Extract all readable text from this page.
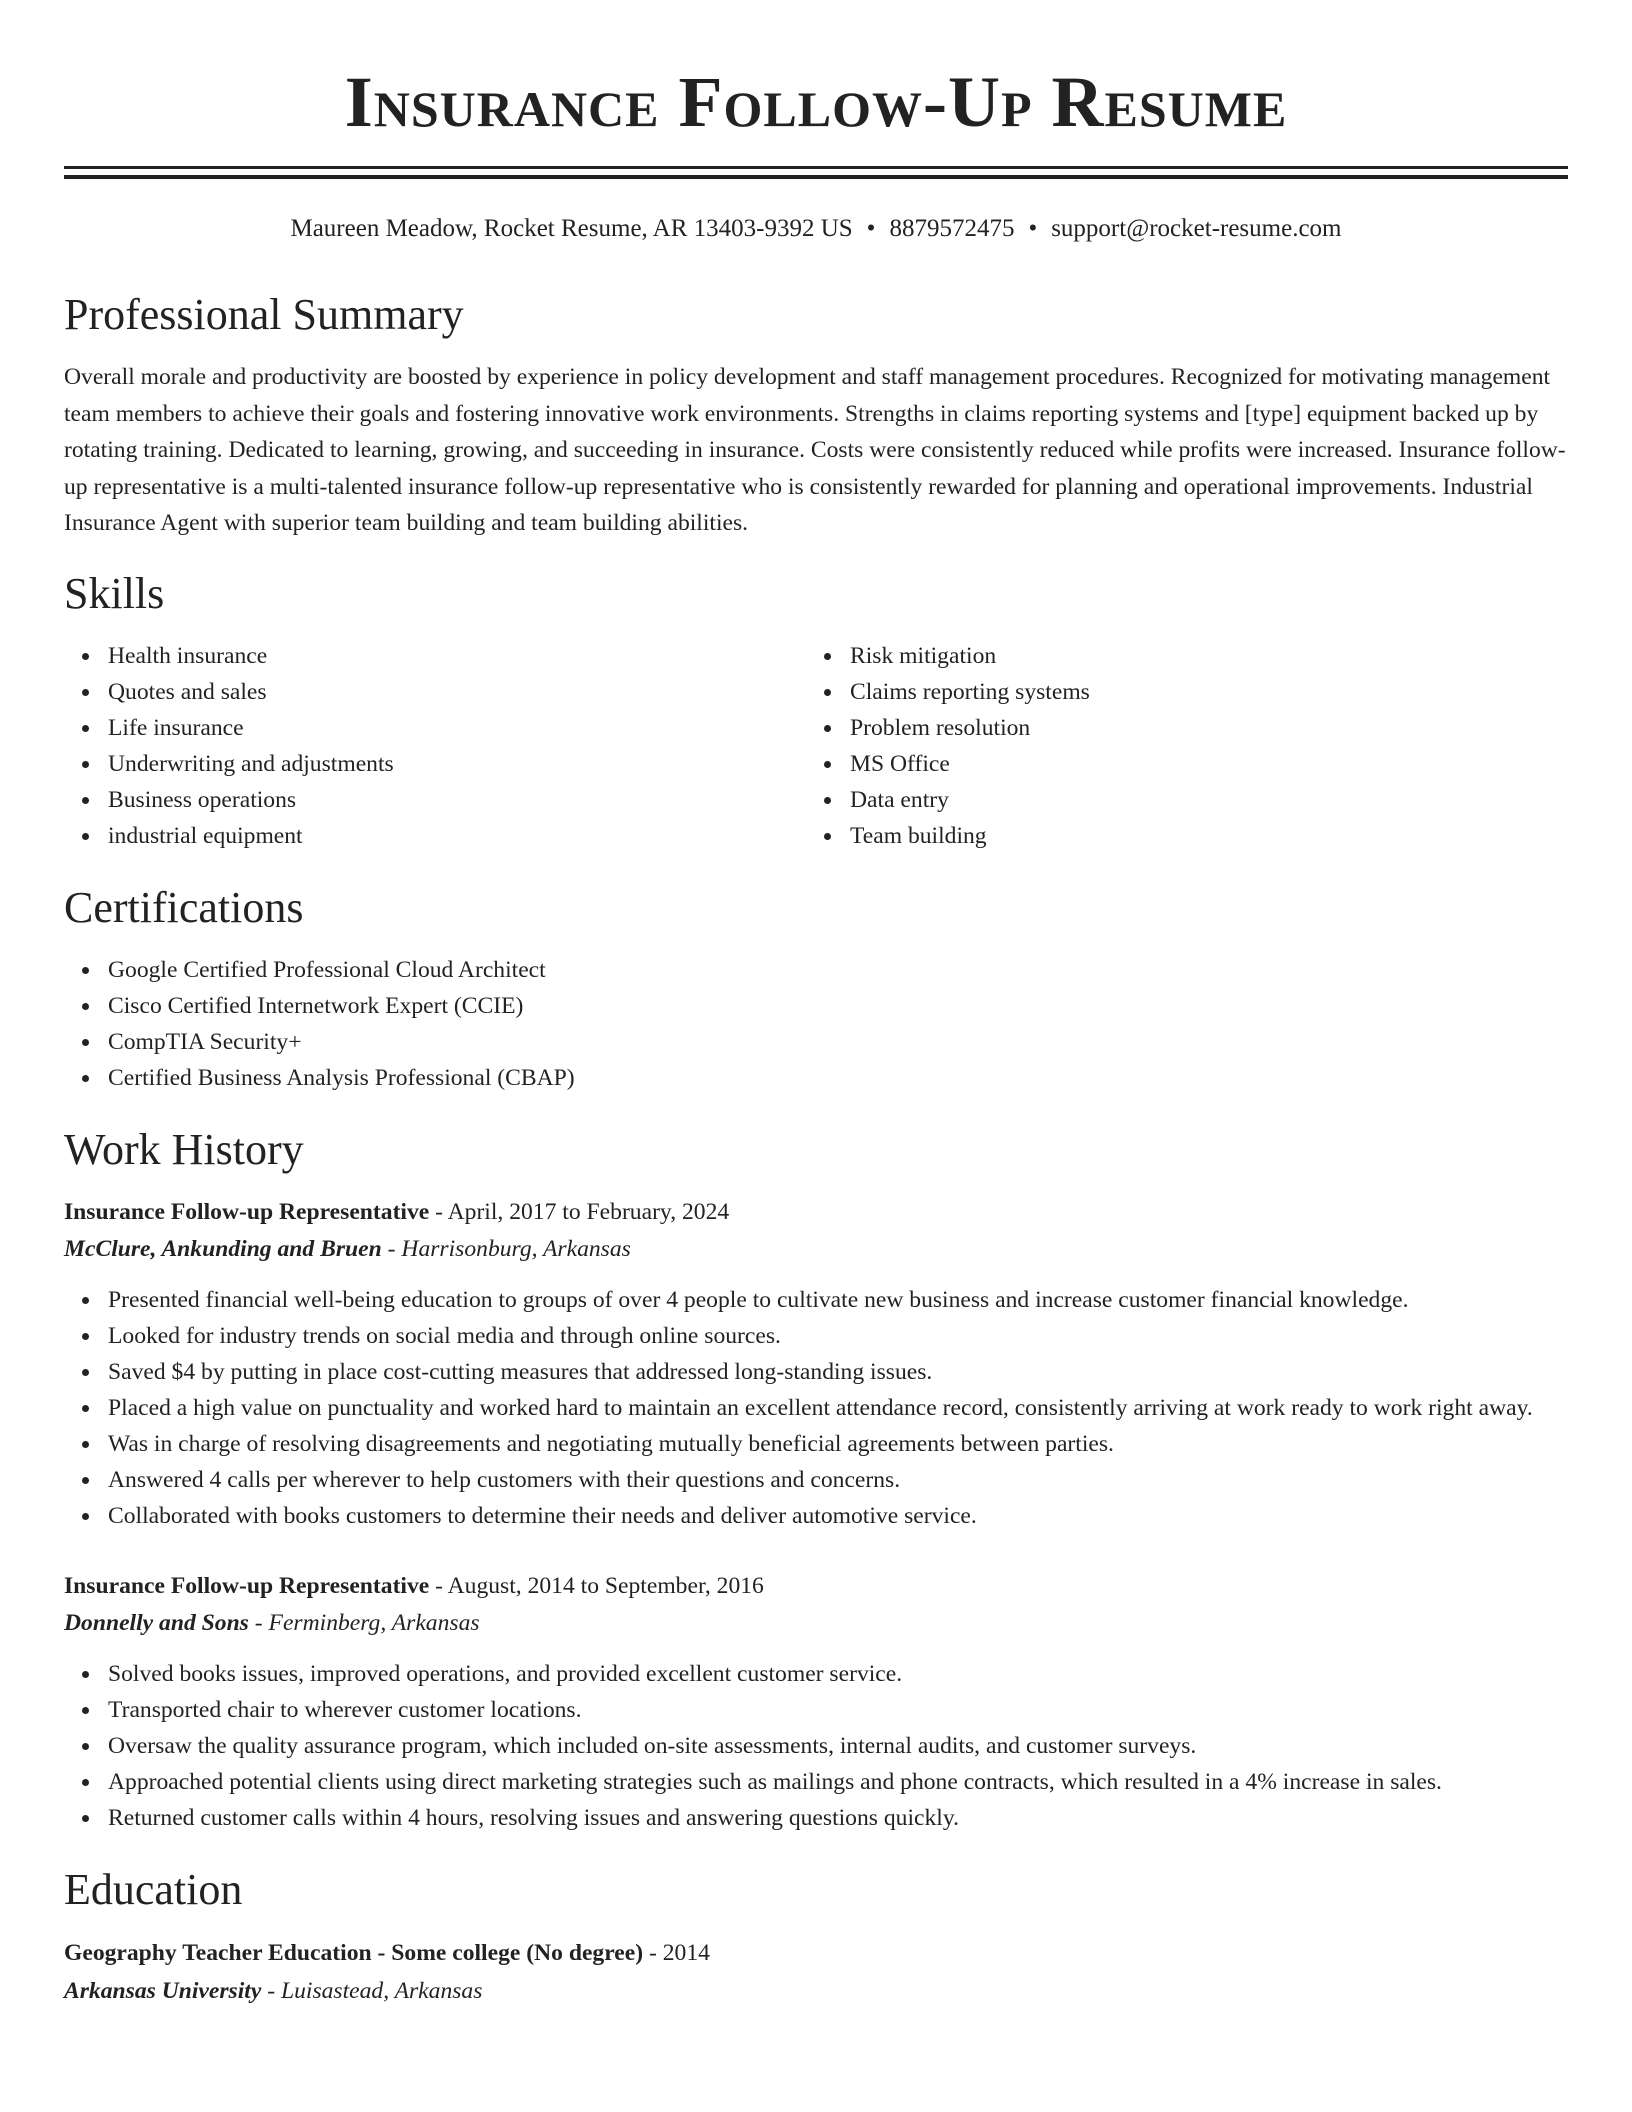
Insurance Follow-Up Resume
Maureen Meadow, Rocket Resume, AR 13403-9392 US • 8879572475 • support@rocket-resume.com
Professional Summary

Overall morale and productivity are boosted by experience in policy development and staff management procedures. Recognized for motivating management team members to achieve their goals and fostering innovative work environments. Strengths in claims reporting systems and [type] equipment backed up by rotating training. Dedicated to learning, growing, and succeeding in insurance. Costs were consistently reduced while profits were increased. Insurance follow-up representative is a multi-talented insurance follow-up representative who is consistently rewarded for planning and operational improvements. Industrial Insurance Agent with superior team building and team building abilities.

Skills
Health insurance
Quotes and sales
Life insurance
Underwriting and adjustments
Business operations
industrial equipment
Risk mitigation
Claims reporting systems
Problem resolution
MS Office
Data entry
Team building
Certifications
Google Certified Professional Cloud Architect
Cisco Certified Internetwork Expert (CCIE)
CompTIA Security+
Certified Business Analysis Professional (CBAP)
Work History
Insurance Follow-up Representative - April, 2017 to February, 2024
McClure, Ankunding and Bruen - Harrisonburg, Arkansas
Presented financial well-being education to groups of over 4 people to cultivate new business and increase customer financial knowledge.
Looked for industry trends on social media and through online sources.
Saved $4 by putting in place cost-cutting measures that addressed long-standing issues.
Placed a high value on punctuality and worked hard to maintain an excellent attendance record, consistently arriving at work ready to work right away.
Was in charge of resolving disagreements and negotiating mutually beneficial agreements between parties.
Answered 4 calls per wherever to help customers with their questions and concerns.
Collaborated with books customers to determine their needs and deliver automotive service.
Insurance Follow-up Representative - August, 2014 to September, 2016
Donnelly and Sons - Ferminberg, Arkansas
Solved books issues, improved operations, and provided excellent customer service.
Transported chair to wherever customer locations.
Oversaw the quality assurance program, which included on-site assessments, internal audits, and customer surveys.
Approached potential clients using direct marketing strategies such as mailings and phone contracts, which resulted in a 4% increase in sales.
Returned customer calls within 4 hours, resolving issues and answering questions quickly.
Education
Geography Teacher Education - Some college (No degree) - 2014
Arkansas University - Luisastead, Arkansas
